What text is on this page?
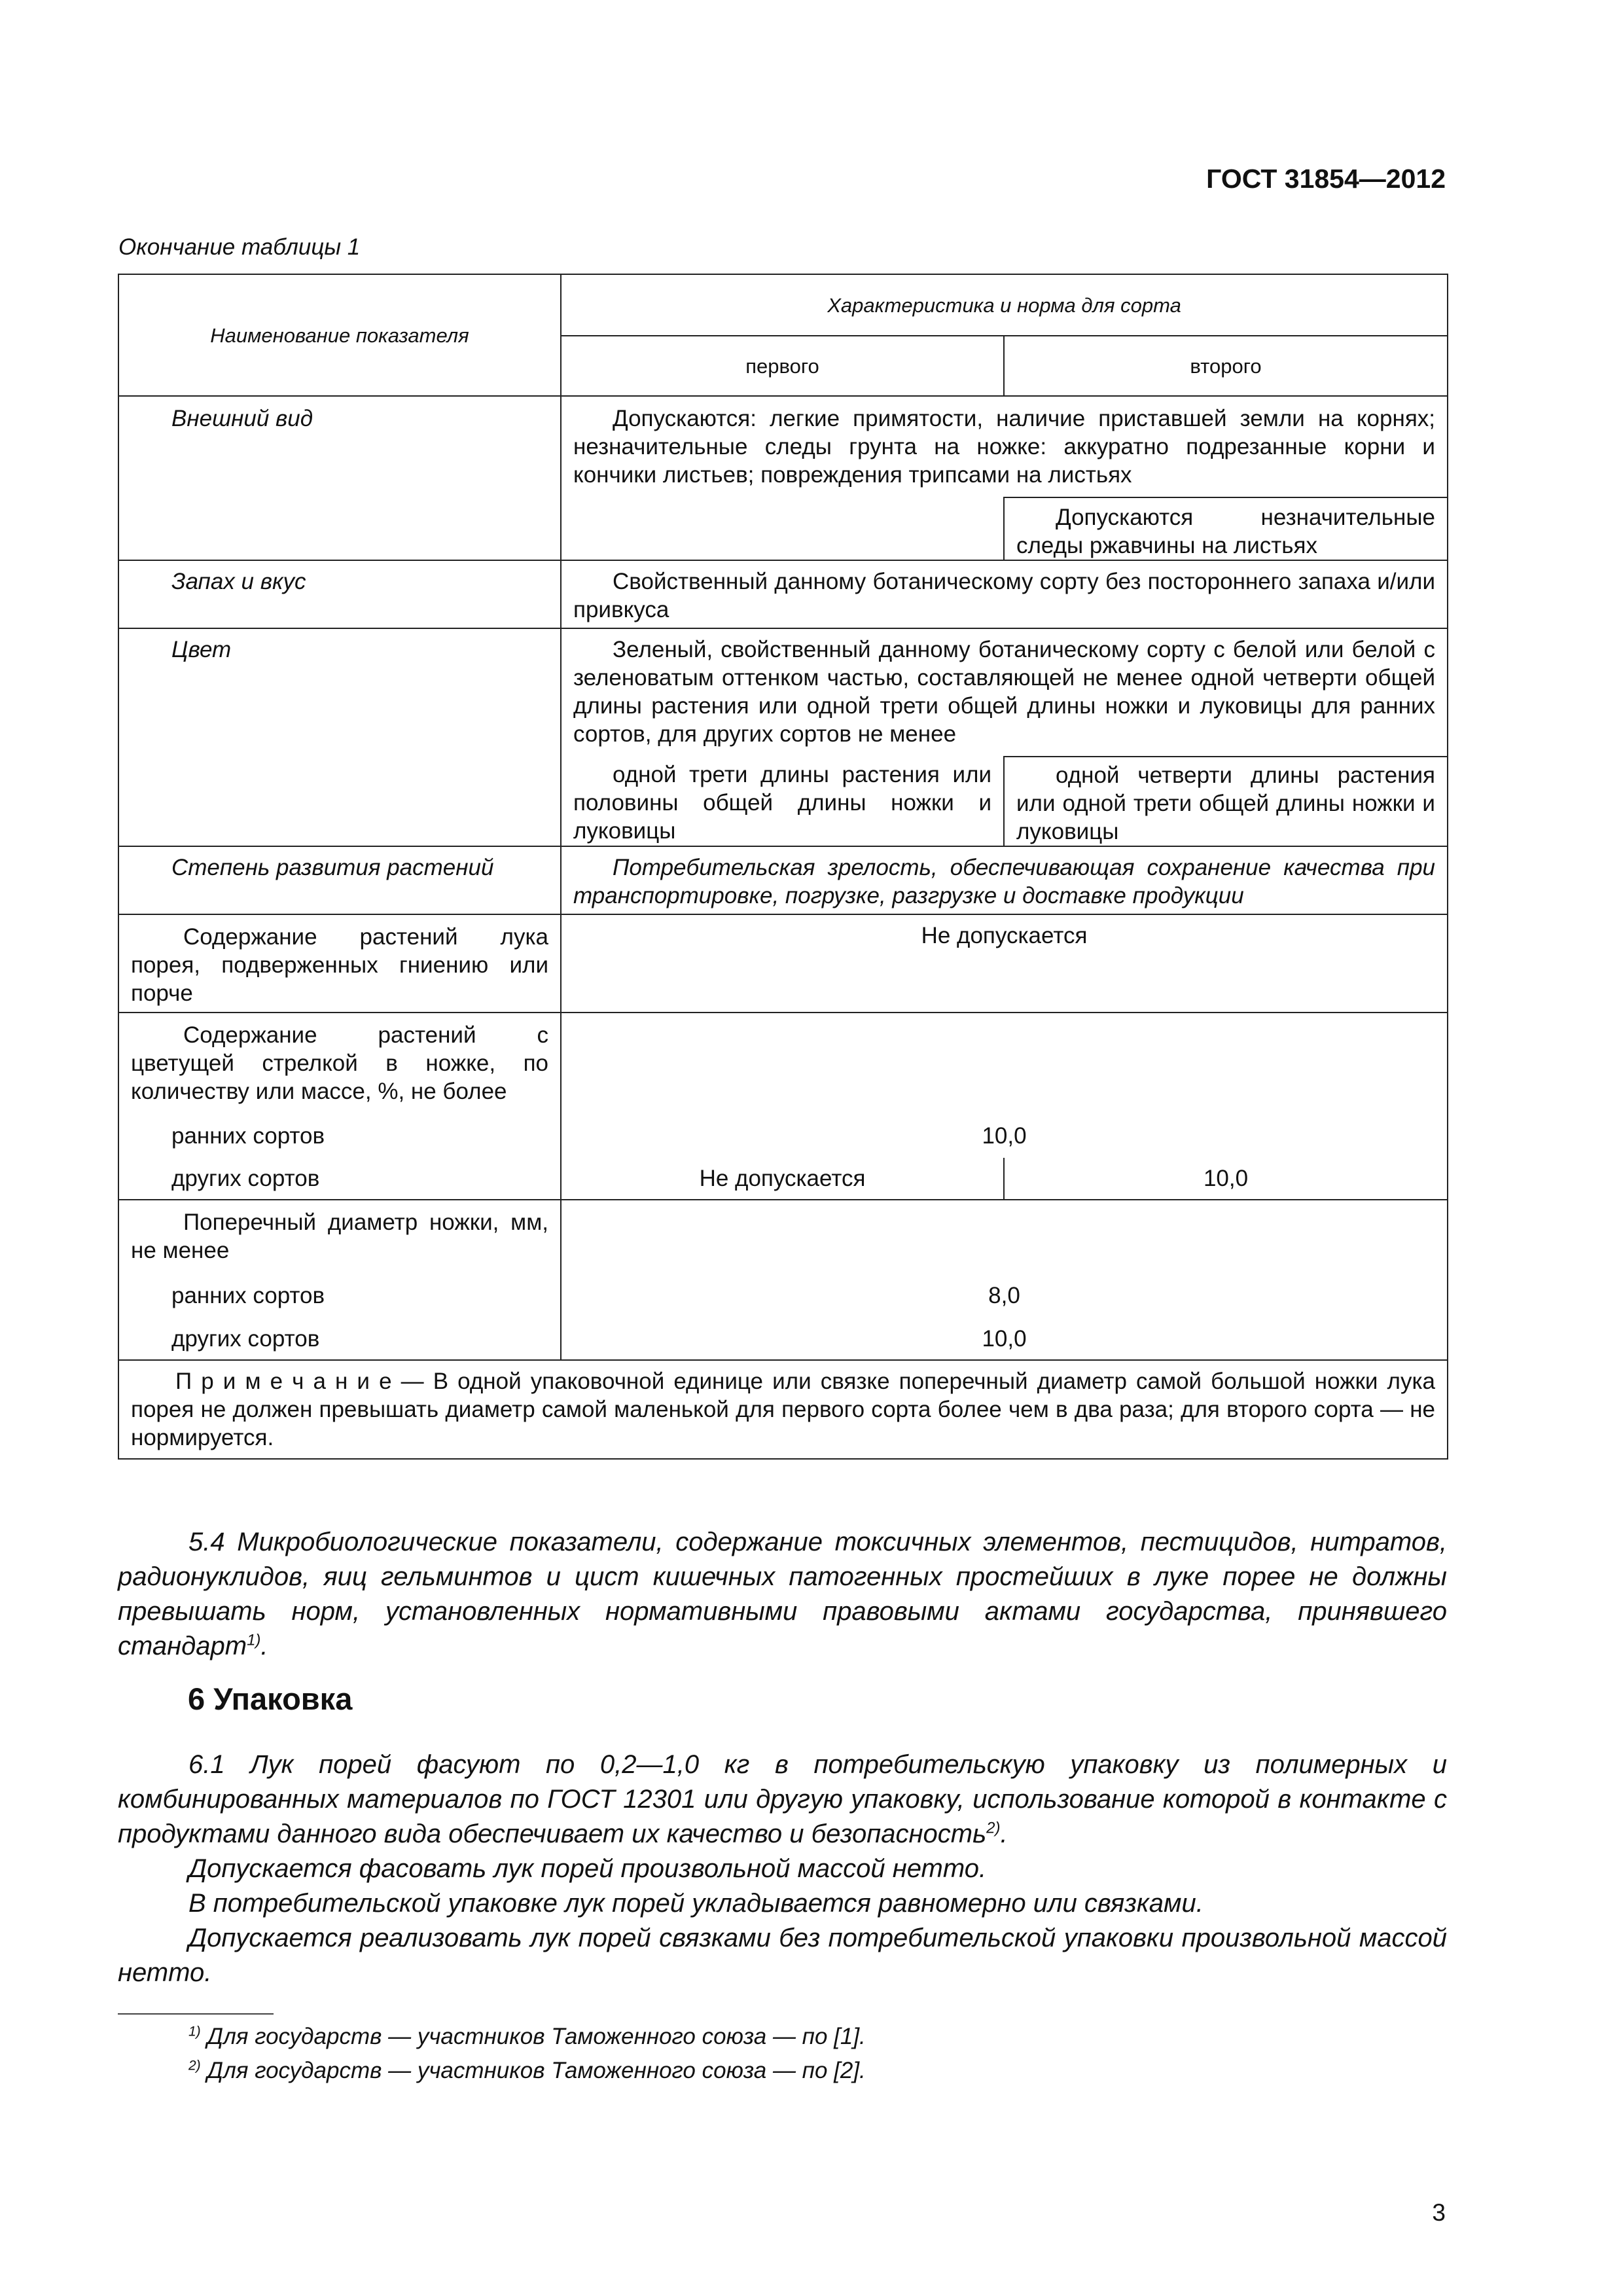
ГОСТ 31854—2012
Окончание таблицы 1
Наименование показателя	Характеристика и норма для сорта	
	первого	второго
Внешний вид	Допускаются: легкие примятости, наличие приставшей земли на корнях; незначительные следы грунта на ножке: аккуратно подрезанные корни и кончики листьев; повреждения трипсами на листьях	
		Допускаются незначительные следы ржавчины на листьях
Запах и вкус	Свойственный данному ботаническому сорту без постороннего запаха и/или привкуса	
Цвет	Зеленый, свойственный данному ботаническому сорту с белой или белой с зеленоватым оттенком частью, составляющей не менее одной четверти общей длины растения или одной трети общей длины ножки и луковицы для ранних сортов, для других сортов не менее	
	одной трети длины растения или половины общей длины ножки и луковицы	одной четверти длины растения или одной трети общей длины ножки и луковицы
Степень развития растений	Потребительская зрелость, обеспечивающая сохранение качества при транспортировке, погрузке, разгрузке и доставке продукции	
Содержание растений лука порея, подверженных гниению или порче	Не допускается	
Содержание растений с цветущей стрелкой в ножке, по количеству или массе, %, не более		
ранних сортов	10,0	
других сортов	Не допускается	10,0
Поперечный диаметр ножки, мм, не менее		
ранних сортов	8,0	
других сортов	10,0	
П р и м е ч а н и е — В одной упаковочной единице или связке поперечный диаметр самой большой ножки лука порея не должен превышать диаметр самой маленькой для первого сорта более чем в два раза; для второго сорта — не нормируется.		

5.4 Микробиологические показатели, содержание токсичных элементов, пестицидов, нитратов, радионуклидов, яиц гельминтов и цист кишечных патогенных простейших в луке порее не должны превышать норм, установленных нормативными правовыми актами государства, принявшего стандарт$^{1)}$.

6 Упаковка

6.1 Лук порей фасуют по 0,2—1,0 кг в потребительскую упаковку из полимерных и комбинированных материалов по ГОСТ 12301 или другую упаковку, использование которой в контакте с продуктами данного вида обеспечивает их качество и безопасность$^{2)}$.

Допускается фасовать лук порей произвольной массой нетто.

В потребительской упаковке лук порей укладывается равномерно или связками.

Допускается реализовать лук порей связками без потребительской упаковки произвольной массой нетто.

$^{1)}$ Для государств — участников Таможенного союза — по [1].
$^{2)}$ Для государств — участников Таможенного союза — по [2].
3
